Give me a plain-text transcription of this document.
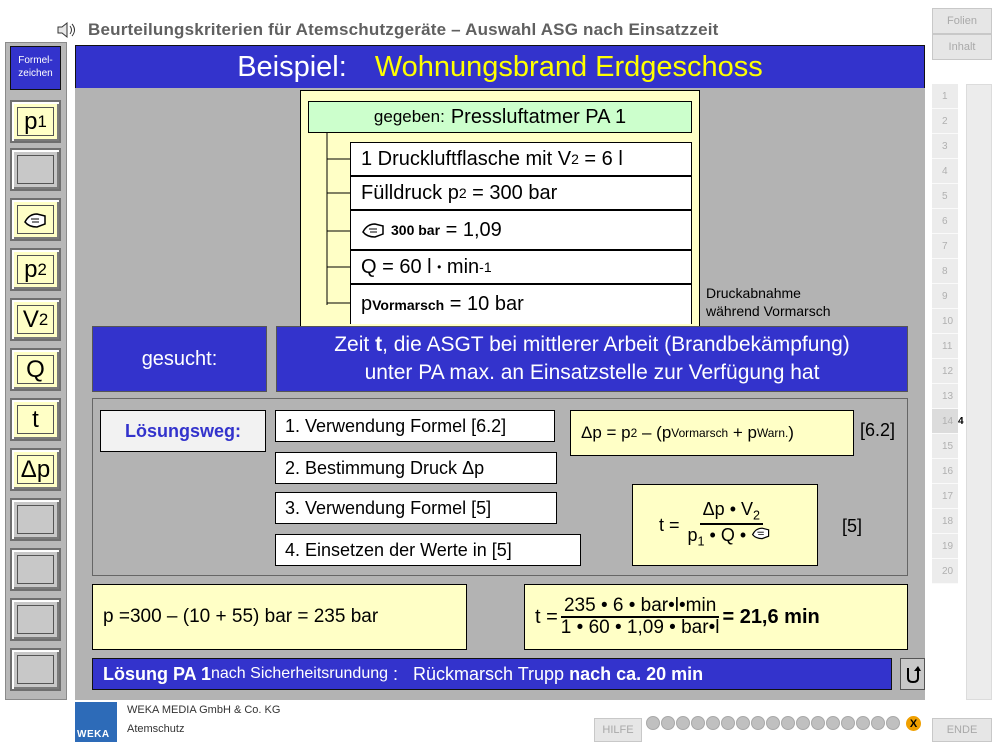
Beurteilungskriterien für Atemschutzgeräte – Auswahl ASG nach Einsatzzeit	Folien
Inhalt
Formel-
zeichen
p 1
p 2
V 2
Q
t
Δp
Beispiel: Wohnungsbrand Erdgeschoss
gegeben: Pressluftatmer PA 1
1 Druckluftflasche mit V 2 = 6 l
Fülldruck p 2 = 300 bar
300 bar = 1,09
Q = 60 l • min -1
p Vormarsch = 10 bar	Druckabnahme
während Vormarsch
gesucht:
Zeit t, die ASGT bei mittlerer Arbeit (Brandbekämpfung)
unter PA max. an Einsatzstelle zur Verfügung hat
Lösungsweg:	1. Verwendung Formel [6.2]
2. Bestimmung Druck Δp
3. Verwendung Formel [5]
4. Einsetzen der Werte in [5]
Δp = p 2 – (p Vormarsch + p Warn. )	[6.2]
$t = \frac{\Delta p • V_2}{p_1 • Q •}$	[5]
p =300 – (10 + 55) bar = 235 bar	$t = \frac{\text{235 • 6 • bar•l•min}}{\text{1 • 60 • 1,09 • bar•l}} = 21,6$ min
Lösung PA 1 nach Sicherheitsrundung :   Rückmarsch Trupp nach ca. 20 min
1
2
3
4
5
6
7
8
9
10
11
12
13
14 4
15
16
17
18
19
20
WEKA
WEKA MEDIA GmbH & Co. KG
Atemschutz	HILFE
X
ENDE
